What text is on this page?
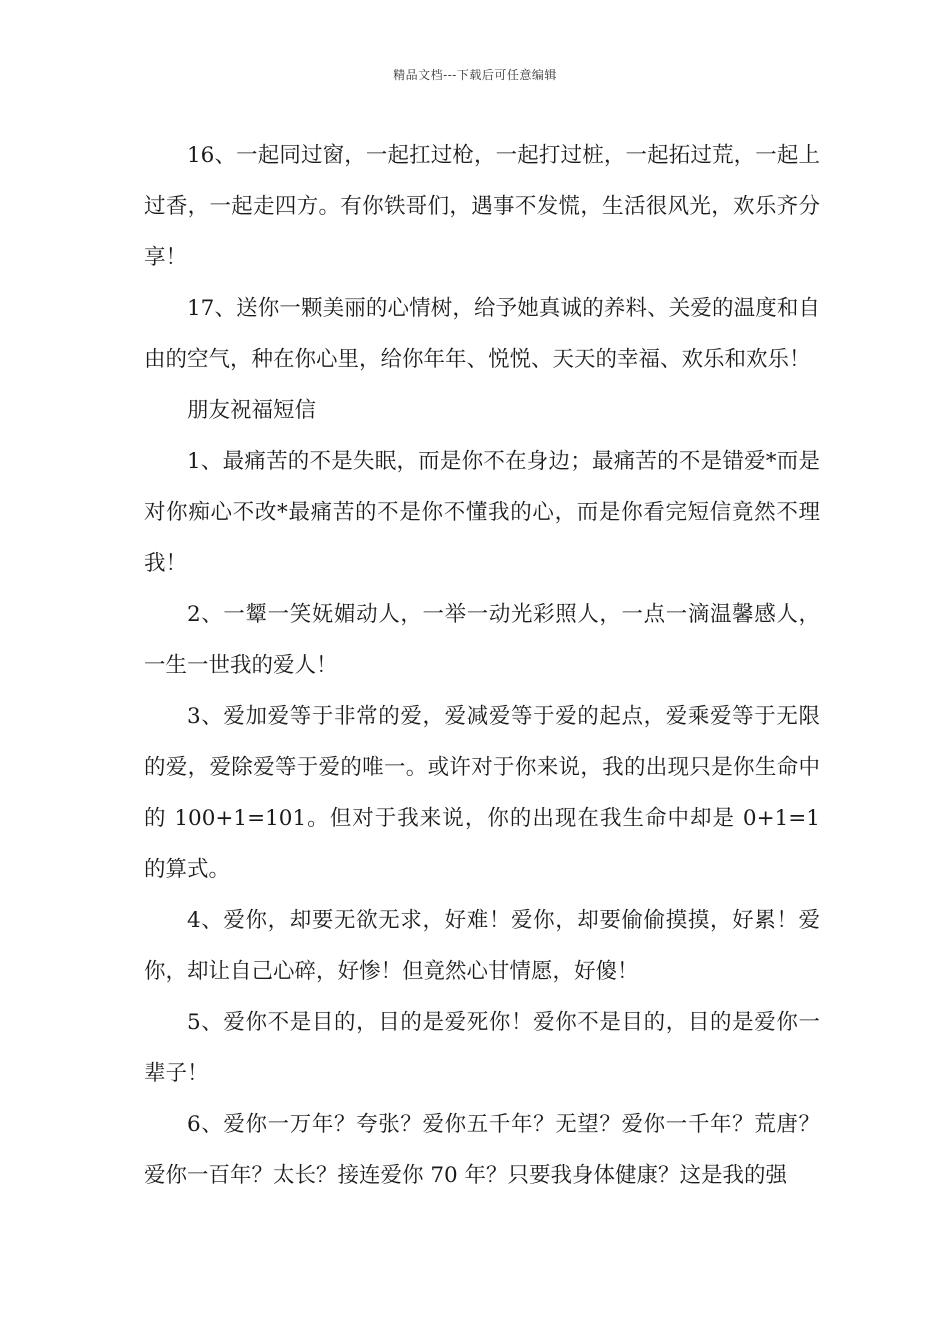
精品文档---下载后可任意编辑

16、一起同过窗，一起扛过枪，一起打过桩，一起拓过荒，一起上过香，一起走四方。有你铁哥们，遇事不发慌，生活很风光，欢乐齐分享！

17、送你一颗美丽的心情树，给予她真诚的养料、关爱的温度和自由的空气，种在你心里，给你年年、悦悦、天天的幸福、欢乐和欢乐！

朋友祝福短信

1、最痛苦的不是失眠，而是你不在身边；最痛苦的不是错爱*而是对你痴心不改*最痛苦的不是你不懂我的心，而是你看完短信竟然不理我！

2、一颦一笑妩媚动人，一举一动光彩照人，一点一滴温馨感人，一生一世我的爱人！

3、爱加爱等于非常的爱，爱减爱等于爱的起点，爱乘爱等于无限的爱，爱除爱等于爱的唯一。或许对于你来说，我的出现只是你生命中的 100+1=101。但对于我来说，你的出现在我生命中却是 0+1=1 的算式。

4、爱你，却要无欲无求，好难！爱你，却要偷偷摸摸，好累！爱你，却让自己心碎，好惨！但竟然心甘情愿，好傻！

5、爱你不是目的，目的是爱死你！爱你不是目的，目的是爱你一辈子！

6、爱你一万年？夸张？爱你五千年？无望？爱你一千年？荒唐？爱你一百年？太长？接连爱你 70 年？只要我身体健康？这是我的强
